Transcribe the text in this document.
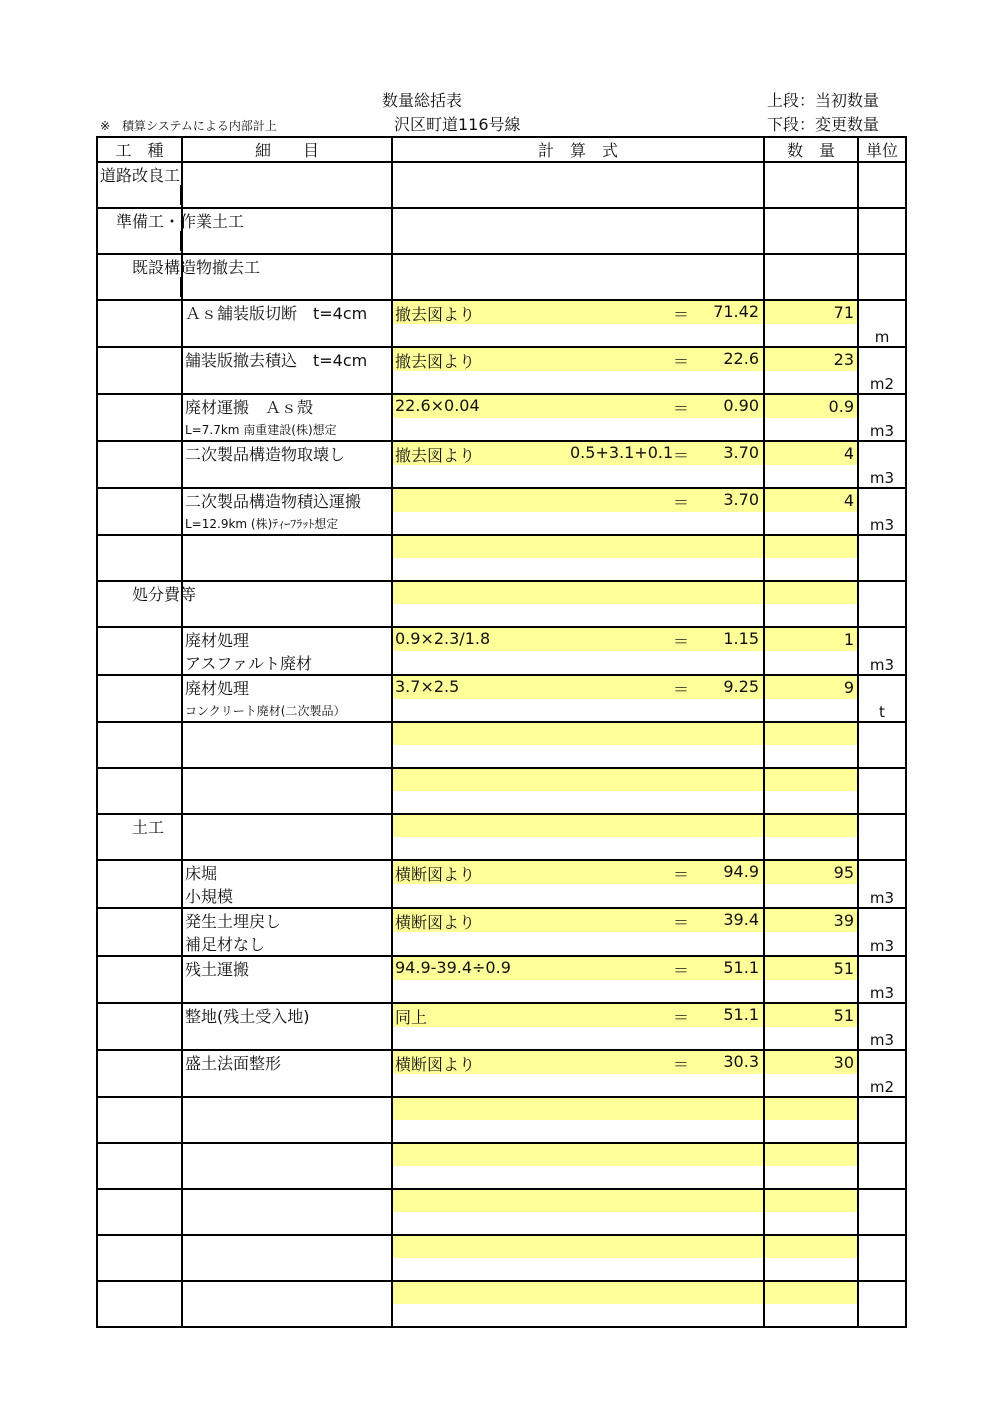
数量総括表
沢区町道116号線
※　積算システムによる内部計上
上段：当初数量
下段：変更数量
工　種	細　　目	計　算　式	数　量	単位
道路改良工

　準備工・作業土工

　　既設構造物撤去工

	Ａｓ舗装版切断　t=4cm	撤去図より ＝ 71.42	71	m

	舗装版撤去積込　t=4cm	撤去図より ＝ 22.6	23	m2

	廃材運搬　Ａｓ殻	22.6×0.04 ＝ 0.90	0.9	m3
	L=7.7km 南重建設(株)想定			
	二次製品構造物取壊し	撤去図より 0.5+3.1+0.1 ＝ 3.70	4	m3

	二次製品構造物積込運搬	＝ 3.70	4	m3
	L=12.9km (株)ﾃｨｰﾌﾗｯﾄ想定			

　　処分費等		

	廃材処理	0.9×2.3/1.8 ＝ 1.15	1	m3
	アスファルト廃材			
	廃材処理	3.7×2.5 ＝ 9.25	9	t
	コンクリート廃材(二次製品）			

　　土工		

	床堀	横断図より ＝ 94.9	95	m3
	小規模			
	発生土埋戻し	横断図より ＝ 39.4	39	m3
	補足材なし			
	残土運搬	94.9-39.4÷0.9 ＝ 51.1	51	m3

	整地(残土受入地)	同上 ＝ 51.1	51	m3

	盛土法面整形	横断図より ＝ 30.3	30	m2
